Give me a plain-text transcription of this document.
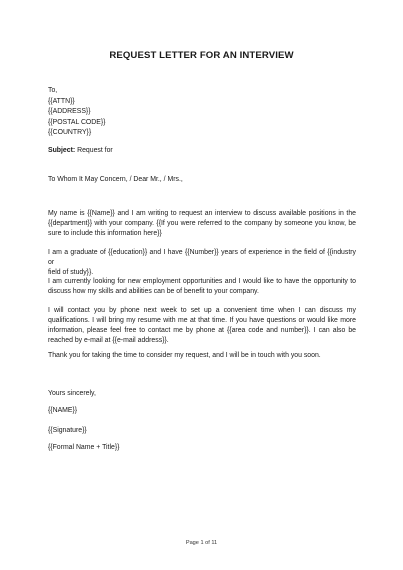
REQUEST LETTER FOR AN INTERVIEW
To,
{{ATTN}}
{{ADDRESS}}
{{POSTAL CODE}}
{{COUNTRY}}
Subject: Request for
To Whom It May Concern, / Dear Mr., / Mrs.,
My name is {{Name}} and I am writing to request an interview to discuss available positions in the
{{department}} with your company. {{If you were referred to the company by someone you know, be
sure to include this information here}}
I am a graduate of {{education}} and I have {{Number}} years of experience in the field of {{industry or
field of study}}.
I am currently looking for new employment opportunities and I would like to have the opportunity to
discuss how my skills and abilities can be of benefit to your company.
I will contact you by phone next week to set up a convenient time when I can discuss my
qualifications. I will bring my resume with me at that time. If you have questions or would like more
information, please feel free to contact me by phone at {{area code and number}}. I can also be
reached by e-mail at {{e-mail address}}.
Thank you for taking the time to consider my request, and I will be in touch with you soon.
Yours sincerely,
{{NAME}}
{{Signature}}
{{Formal Name + Title}}
Page 1 of 11
